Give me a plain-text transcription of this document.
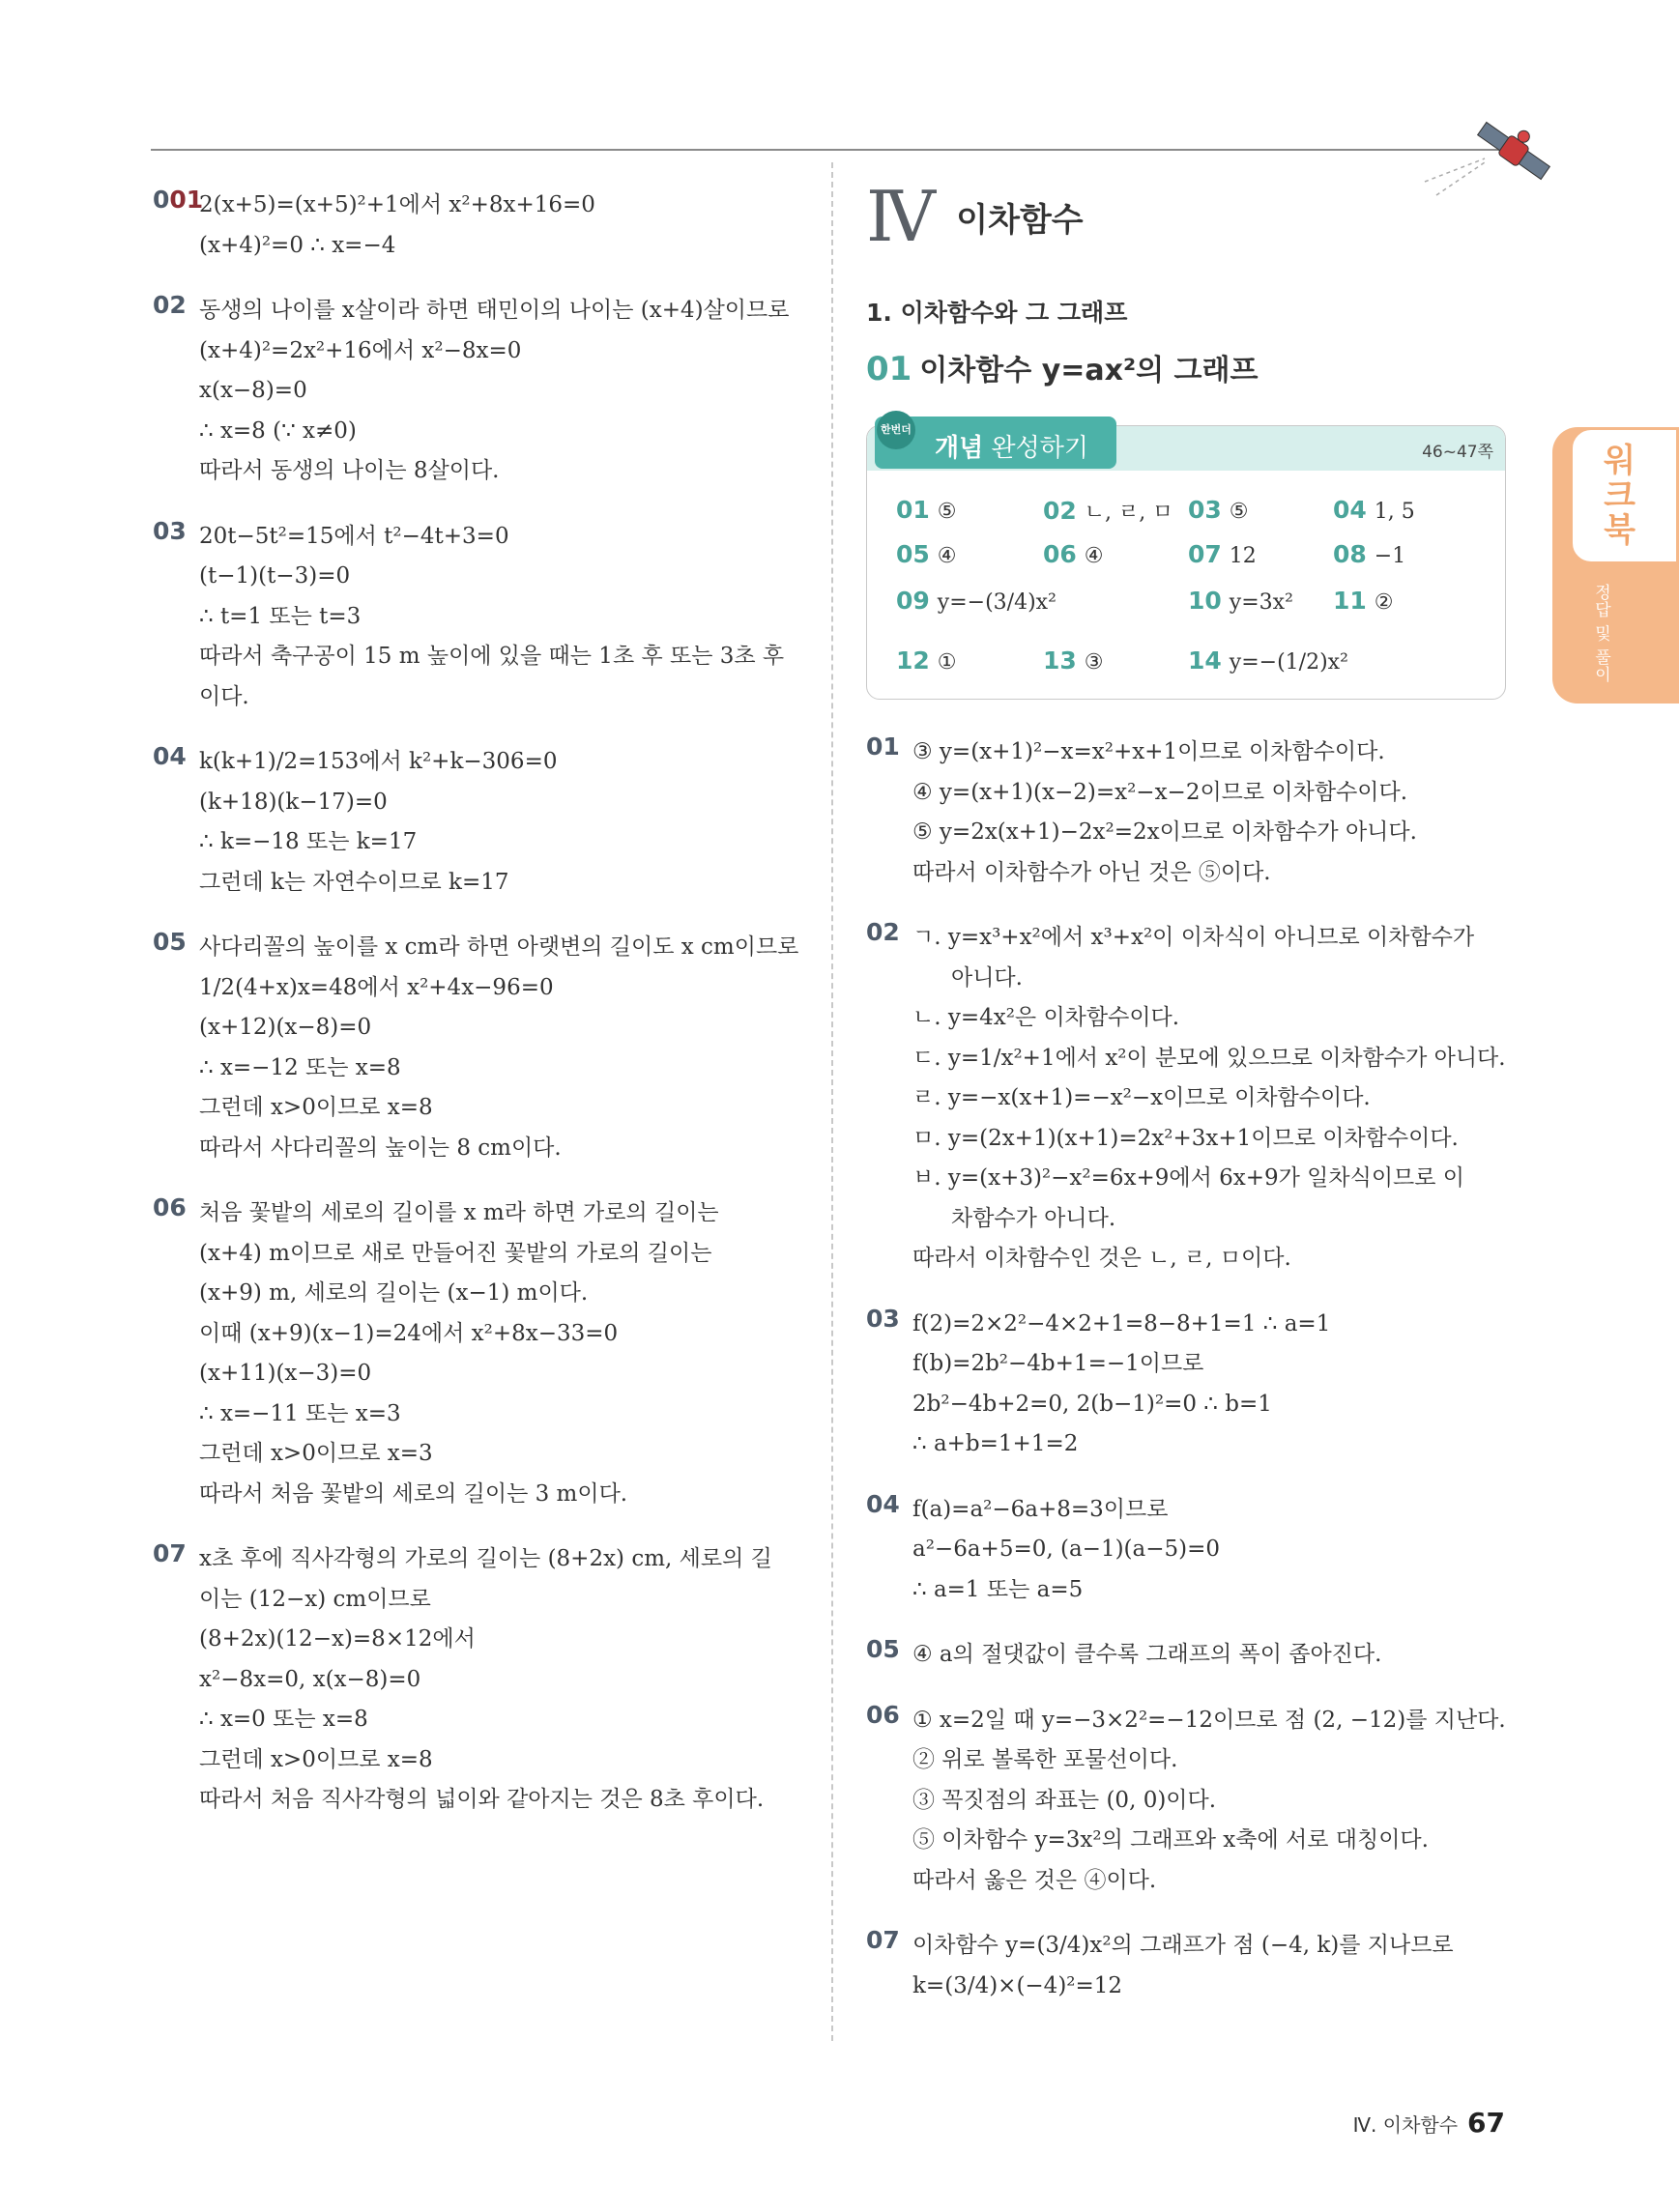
001
2(x+5)=(x+5)²+1에서 x²+8x+16=0
(x+4)²=0 ∴ x=−4
02 동생의 나이를 x살이라 하면 태민이의 나이는 (x+4)살이므로
(x+4)²=2x²+16에서 x²−8x=0
x(x−8)=0
∴ x=8 (∵ x≠0)
따라서 동생의 나이는 8살이다.
03 20t−5t²=15에서 t²−4t+3=0
(t−1)(t−3)=0
∴ t=1 또는 t=3
따라서 축구공이 15 m 높이에 있을 때는 1초 후 또는 3초 후
이다.
04 k(k+1)/2=153에서 k²+k−306=0
(k+18)(k−17)=0
∴ k=−18 또는 k=17
그런데 k는 자연수이므로 k=17
05 사다리꼴의 높이를 x cm라 하면 아랫변의 길이도 x cm이므로
1/2(4+x)x=48에서 x²+4x−96=0
(x+12)(x−8)=0
∴ x=−12 또는 x=8
그런데 x>0이므로 x=8
따라서 사다리꼴의 높이는 8 cm이다.
06 처음 꽃밭의 세로의 길이를 x m라 하면 가로의 길이는
(x+4) m이므로 새로 만들어진 꽃밭의 가로의 길이는
(x+9) m, 세로의 길이는 (x−1) m이다.
이때 (x+9)(x−1)=24에서 x²+8x−33=0
(x+11)(x−3)=0
∴ x=−11 또는 x=3
그런데 x>0이므로 x=3
따라서 처음 꽃밭의 세로의 길이는 3 m이다.
07 x초 후에 직사각형의 가로의 길이는 (8+2x) cm, 세로의 길
이는 (12−x) cm이므로
(8+2x)(12−x)=8×12에서
x²−8x=0, x(x−8)=0
∴ x=0 또는 x=8
그런데 x>0이므로 x=8
따라서 처음 직사각형의 넓이와 같아지는 것은 8초 후이다.
Ⅳ 이차함수
1. 이차함수와 그 그래프
01 이차함수 y=ax²의 그래프
한번더
개념 완성하기	46~47쪽
01 ⑤	02 ㄴ, ㄹ, ㅁ 03 ⑤	04 1, 5
05 ④	06 ④	07 12	08 −1
09 y=−(3/4)x²	10 y=3x² 11 ②
12 ①	13 ③	14 y=−(1/2)x²
01 ③ y=(x+1)²−x=x²+x+1이므로 이차함수이다.
④ y=(x+1)(x−2)=x²−x−2이므로 이차함수이다.
⑤ y=2x(x+1)−2x²=2x이므로 이차함수가 아니다.
따라서 이차함수가 아닌 것은 ⑤이다.
02 ㄱ. y=x³+x²에서 x³+x²이 이차식이 아니므로 이차함수가
아니다.
ㄴ. y=4x²은 이차함수이다.
ㄷ. y=1/x²+1에서 x²이 분모에 있으므로 이차함수가 아니다.
ㄹ. y=−x(x+1)=−x²−x이므로 이차함수이다.
ㅁ. y=(2x+1)(x+1)=2x²+3x+1이므로 이차함수이다.
ㅂ. y=(x+3)²−x²=6x+9에서 6x+9가 일차식이므로 이
차함수가 아니다.
따라서 이차함수인 것은 ㄴ, ㄹ, ㅁ이다.
03 f(2)=2×2²−4×2+1=8−8+1=1 ∴ a=1
f(b)=2b²−4b+1=−1이므로
2b²−4b+2=0, 2(b−1)²=0 ∴ b=1
∴ a+b=1+1=2
04 f(a)=a²−6a+8=3이므로
a²−6a+5=0, (a−1)(a−5)=0
∴ a=1 또는 a=5
05 ④ a의 절댓값이 클수록 그래프의 폭이 좁아진다.
06 ① x=2일 때 y=−3×2²=−12이므로 점 (2, −12)를 지난다.
② 위로 볼록한 포물선이다.
③ 꼭짓점의 좌표는 (0, 0)이다.
⑤ 이차함수 y=3x²의 그래프와 x축에 서로 대칭이다.
따라서 옳은 것은 ④이다.
07 이차함수 y=(3/4)x²의 그래프가 점 (−4, k)를 지나므로
k=(3/4)×(−4)²=12
워크북
정답 및 풀이
Ⅳ. 이차함수 67
